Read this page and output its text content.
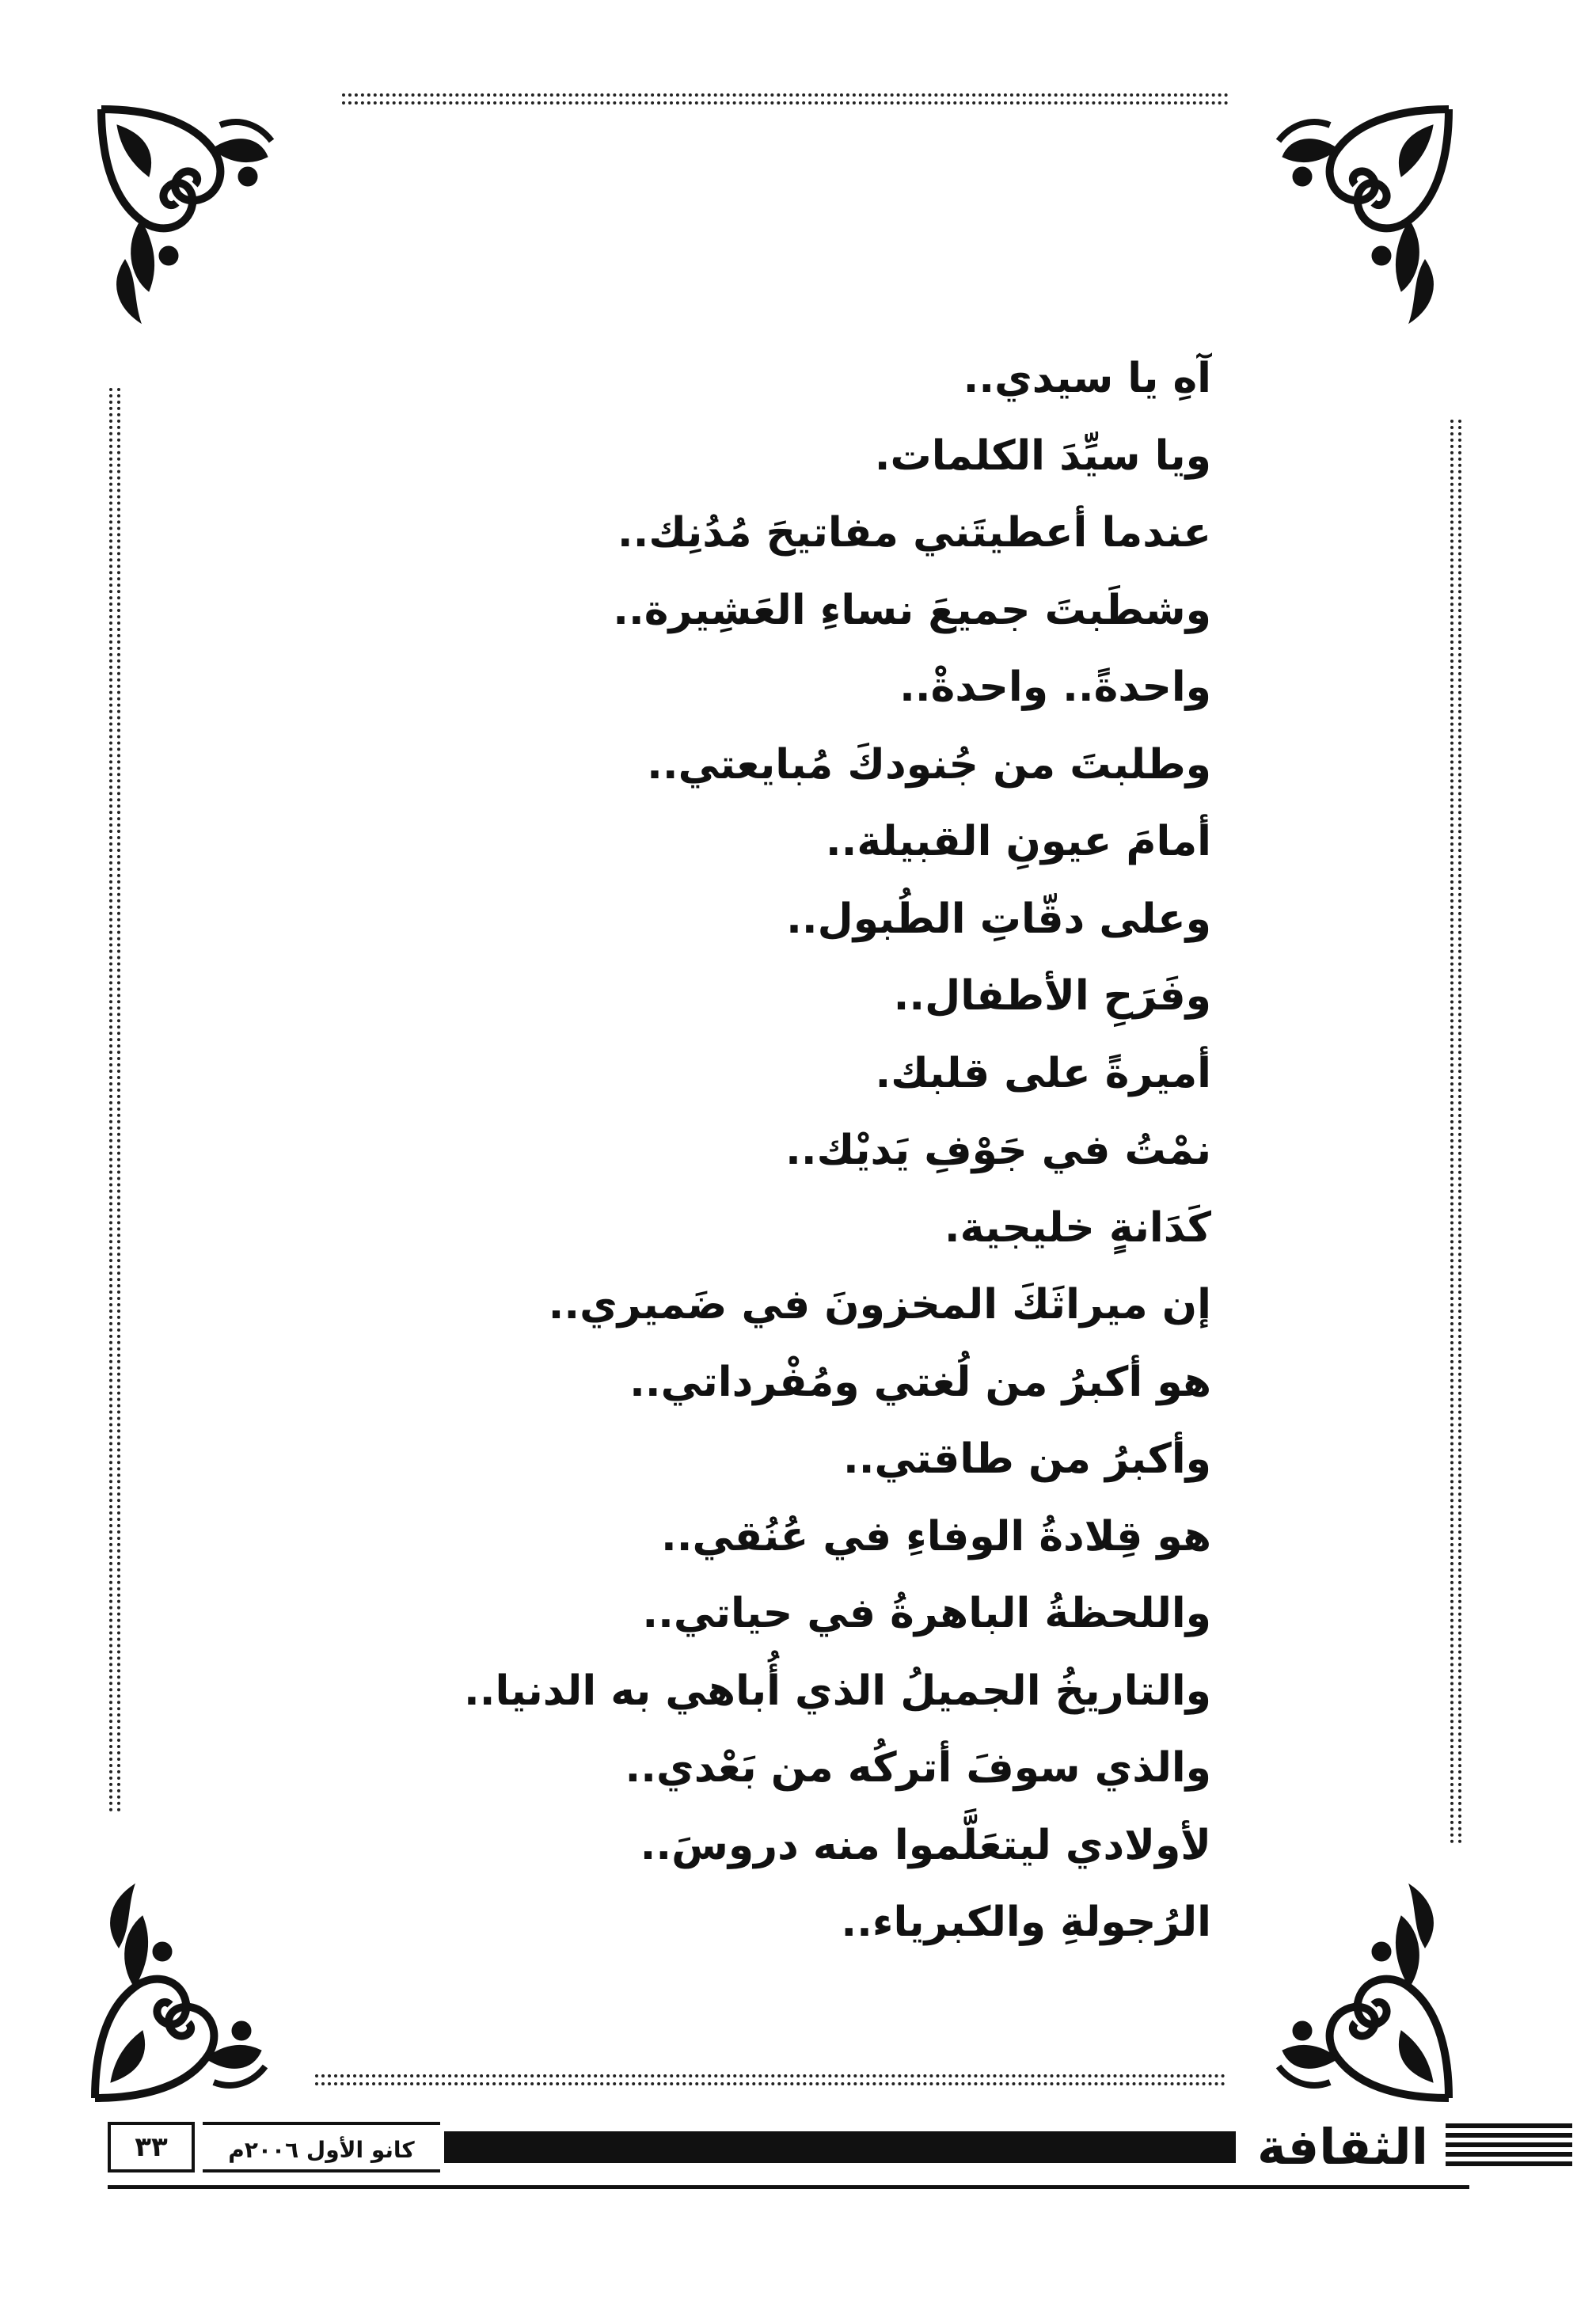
آهِ يا سيدي..
ويا سيِّدَ الكلمات.
عندما أعطيتَني مفاتيحَ مُدُنِك..
وشطَبتَ جميعَ نساءِ العَشِيرة..
واحدةً.. واحدةْ..
وطلبتَ من جُنودكَ مُبايعتي..
أمامَ عيونِ القبيلة..
وعلى دقّاتِ الطُبول..
وفَرَحِ الأطفال..
أميرةً على قلبك.
نمْتُ في جَوْفِ يَديْك..
كَدَانةٍ خليجية.
إن ميراثَكَ المخزونَ في ضَميري..
هو أكبرُ من لُغتي ومُفْرداتي..
وأكبرُ من طاقتي..
هو قِلادةُ الوفاءِ في عُنُقي..
واللحظةُ الباهرةُ في حياتي..
والتاريخُ الجميلُ الذي أُباهي به الدنيا..
والذي سوفَ أتركُه من بَعْدي..
لأولادي ليتعَلَّموا منه دروسَ..
الرُجولةِ والكبرياء..
٣٣	كانو الأول ٢٠٠٦م	الثقافة
